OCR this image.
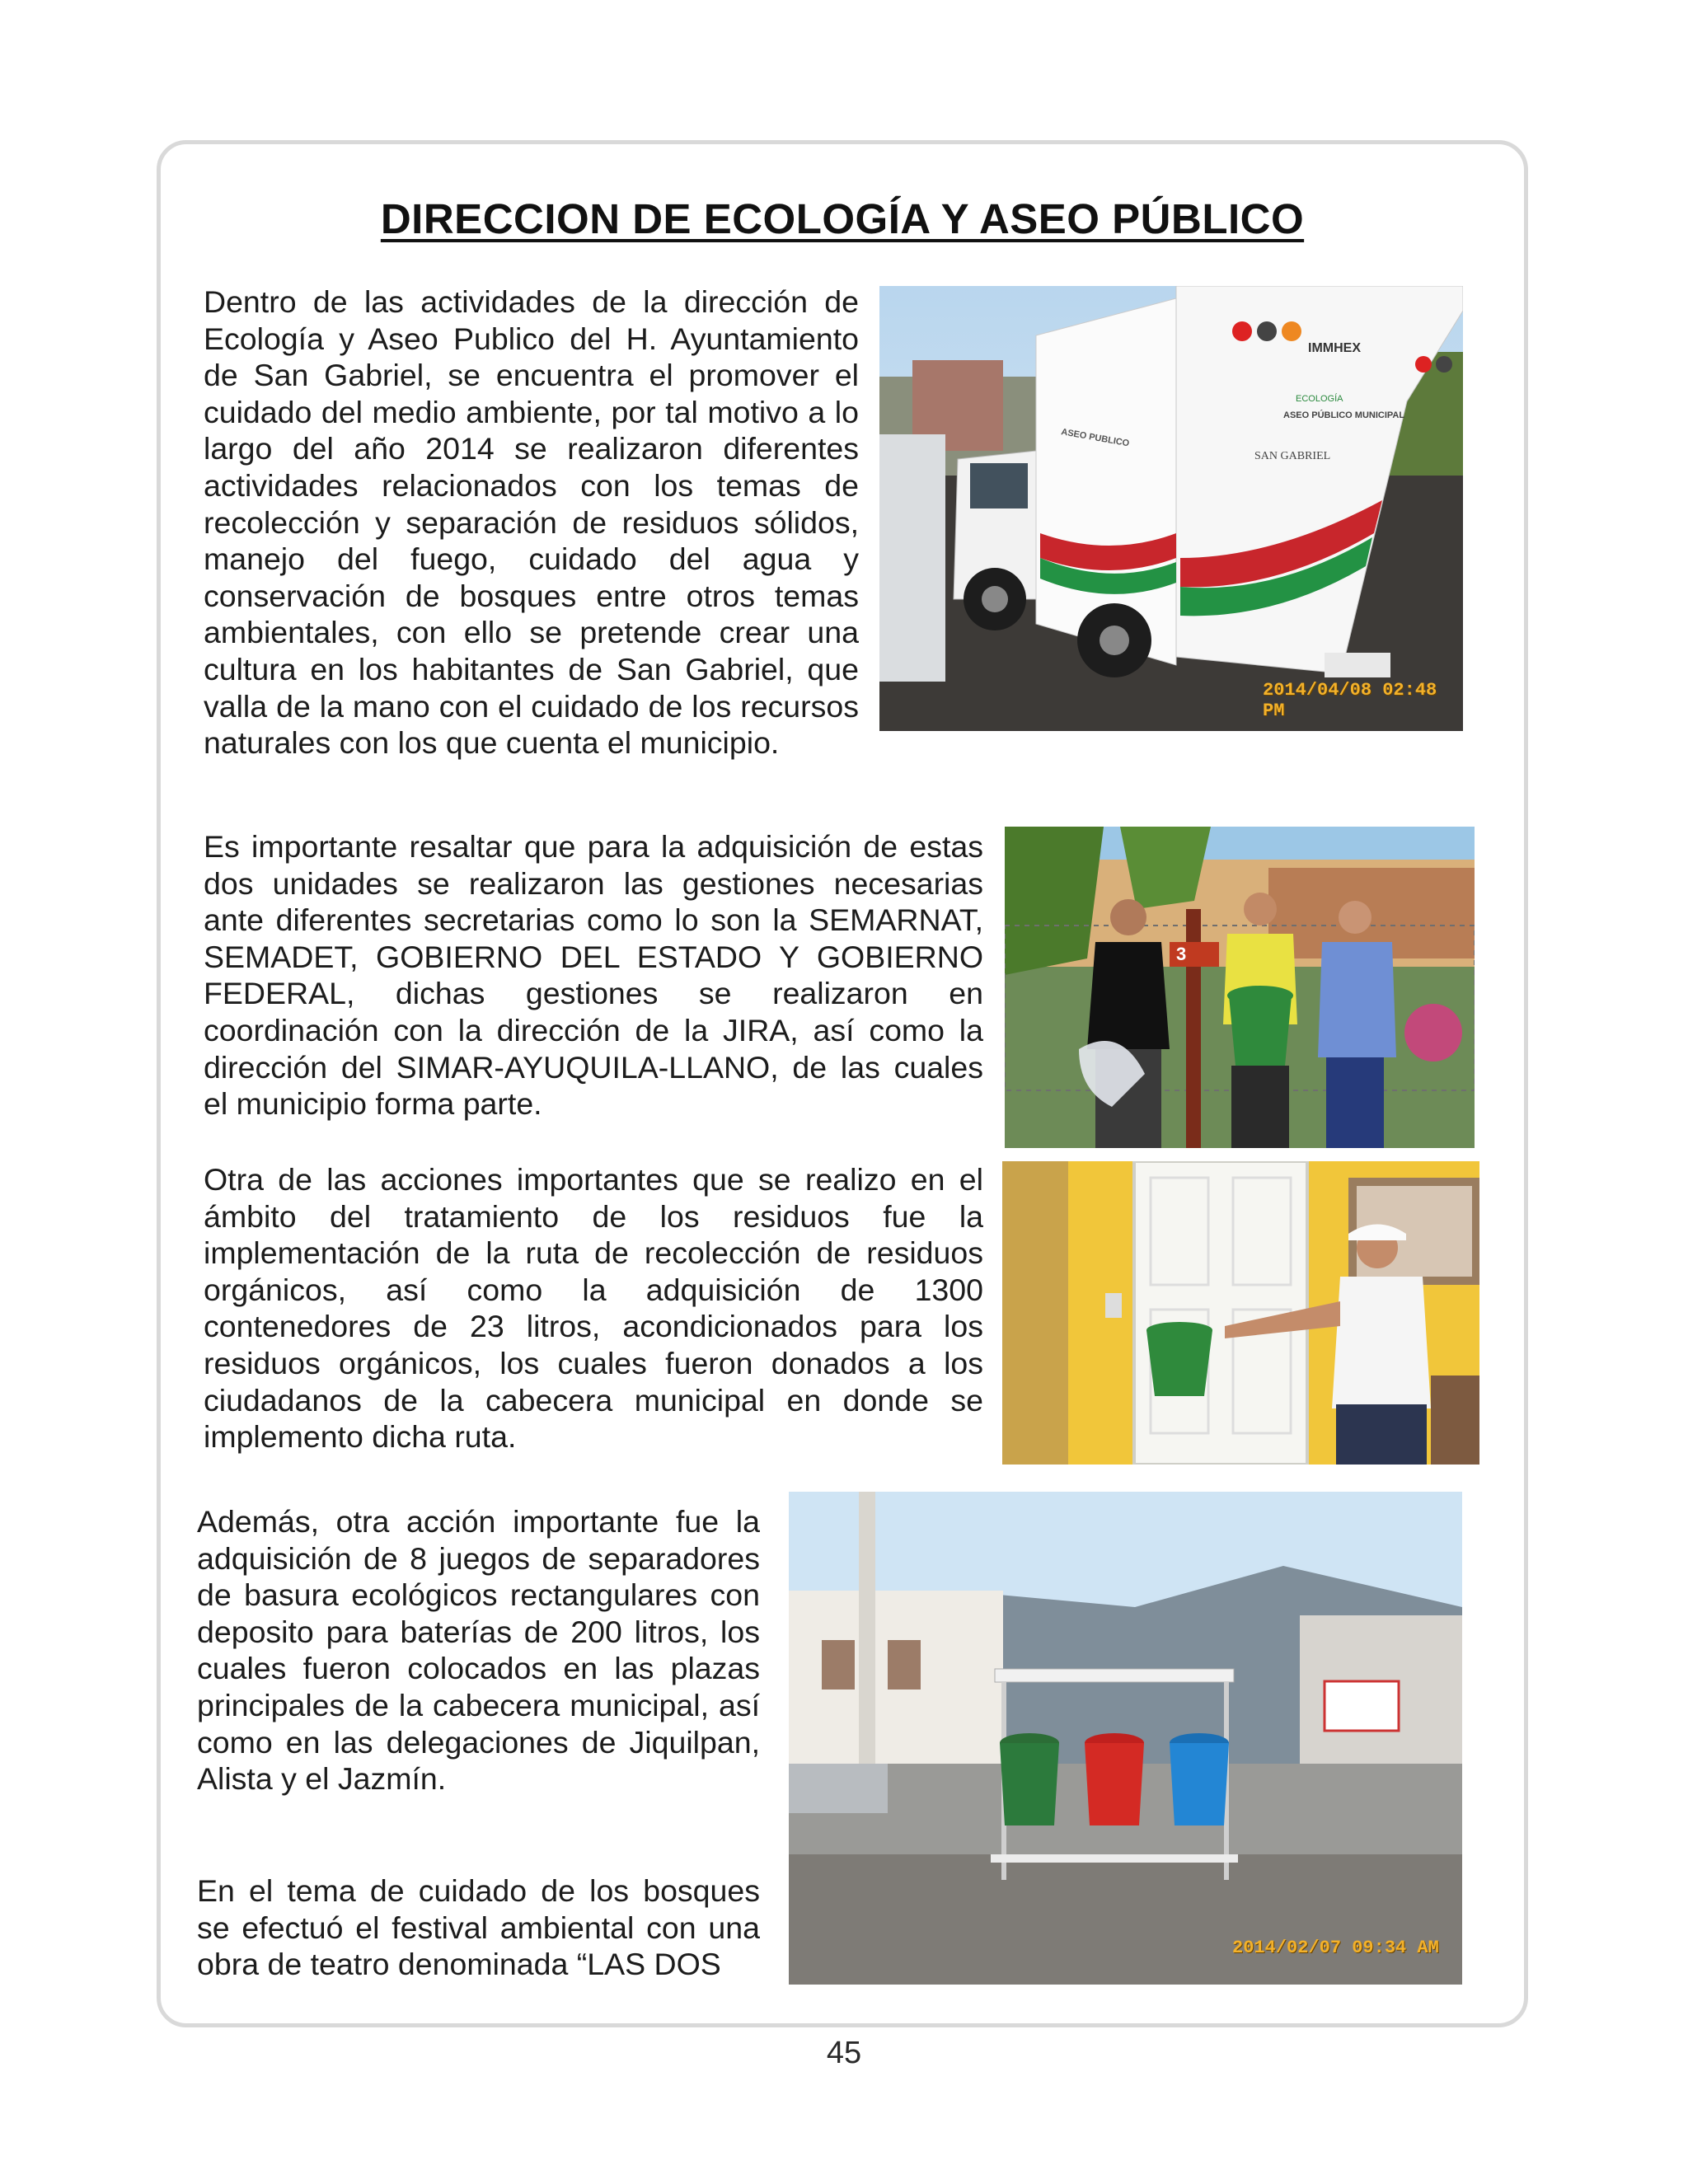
DIRECCION DE ECOLOGÍA Y ASEO PÚBLICO

Dentro de las actividades de la dirección de Ecología y Aseo Publico del H. Ayuntamiento de San Gabriel, se encuentra el promover el cuidado del medio ambiente, por tal motivo a lo largo del año 2014 se realizaron diferentes actividades relacionados con los temas de recolección y separación de residuos sólidos, manejo del fuego, cuidado del agua y conservación de bosques entre otros temas ambientales, con ello se pretende crear una cultura en los habitantes de San Gabriel, que valla de la mano con el cuidado de los recursos naturales con los que cuenta el municipio.

IMMHEX
ECOLOGÍA
ASEO PÚBLICO MUNICIPAL
ASEO PUBLICO
SAN GABRIEL
2014/04/08 02:48 PM

Es importante resaltar que para la adquisición de estas dos unidades se realizaron las gestiones necesarias ante diferentes secretarias como lo son la SEMARNAT, SEMADET, GOBIERNO DEL ESTADO Y GOBIERNO FEDERAL, dichas gestiones se realizaron en coordinación con la dirección de la JIRA, así como la dirección del SIMAR-AYUQUILA-LLANO, de las cuales el municipio forma parte.

3

Otra de las acciones importantes que se realizo en el ámbito del tratamiento de los residuos fue la implementación de la ruta de recolección de residuos orgánicos, así como la adquisición de 1300 contenedores de 23 litros, acondicionados para los residuos orgánicos, los cuales fueron donados a los ciudadanos de la cabecera municipal en donde se implemento dicha ruta.

Además, otra acción importante fue la adquisición de 8 juegos de separadores de basura ecológicos rectangulares con deposito para baterías de 200 litros, los cuales fueron colocados en las plazas principales de la cabecera municipal, así como en las delegaciones de Jiquilpan, Alista y el Jazmín.

En el tema de cuidado de los bosques se efectuó el festival ambiental con una obra de teatro denominada “LAS DOS	2014/02/07 09:34 AM
45
